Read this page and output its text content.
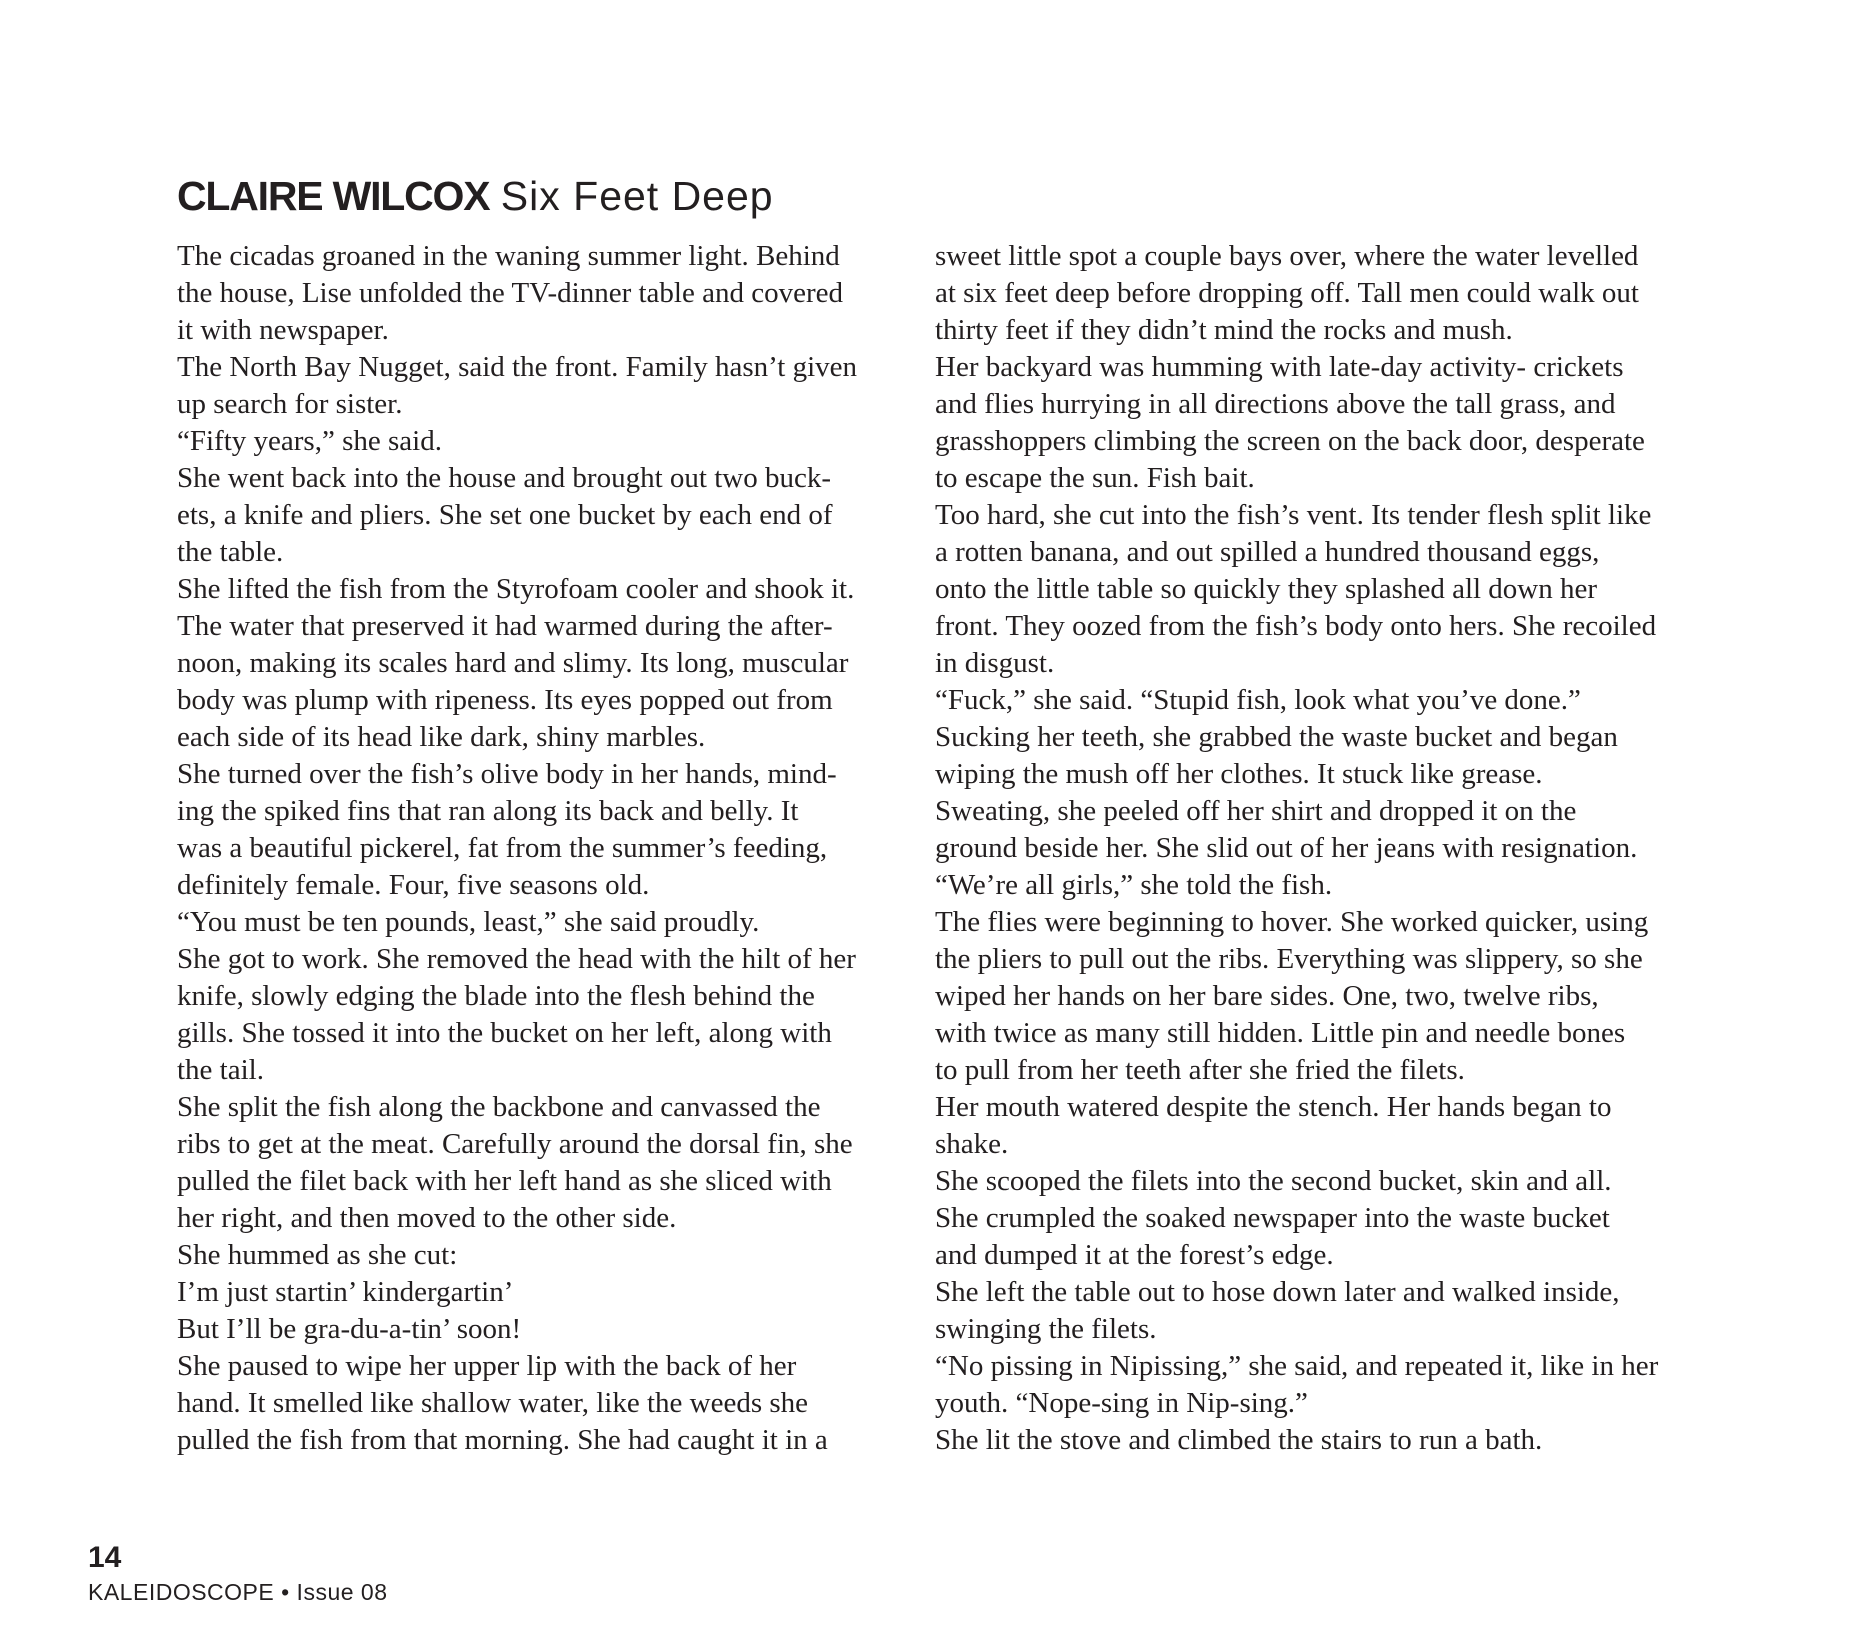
CLAIRE WILCOX Six Feet Deep
The cicadas groaned in the waning summer light. Behind
the house, Lise unfolded the TV-dinner table and covered
it with newspaper.
The North Bay Nugget, said the front. Family hasn’t given
up search for sister.
“Fifty years,” she said.
She went back into the house and brought out two buck-
ets, a knife and pliers. She set one bucket by each end of
the table.
She lifted the fish from the Styrofoam cooler and shook it.
The water that preserved it had warmed during the after-
noon, making its scales hard and slimy. Its long, muscular
body was plump with ripeness. Its eyes popped out from
each side of its head like dark, shiny marbles.
She turned over the fish’s olive body in her hands, mind-
ing the spiked fins that ran along its back and belly. It
was a beautiful pickerel, fat from the summer’s feeding,
definitely female. Four, five seasons old.
“You must be ten pounds, least,” she said proudly.
She got to work. She removed the head with the hilt of her
knife, slowly edging the blade into the flesh behind the
gills. She tossed it into the bucket on her left, along with
the tail.
She split the fish along the backbone and canvassed the
ribs to get at the meat. Carefully around the dorsal fin, she
pulled the filet back with her left hand as she sliced with
her right, and then moved to the other side.
She hummed as she cut:
I’m just startin’ kindergartin’
But I’ll be gra-du-a-tin’ soon!
She paused to wipe her upper lip with the back of her
hand. It smelled like shallow water, like the weeds she
pulled the fish from that morning. She had caught it in a
sweet little spot a couple bays over, where the water levelled
at six feet deep before dropping off. Tall men could walk out
thirty feet if they didn’t mind the rocks and mush.
Her backyard was humming with late-day activity- crickets
and flies hurrying in all directions above the tall grass, and
grasshoppers climbing the screen on the back door, desperate
to escape the sun. Fish bait.
Too hard, she cut into the fish’s vent. Its tender flesh split like
a rotten banana, and out spilled a hundred thousand eggs,
onto the little table so quickly they splashed all down her
front. They oozed from the fish’s body onto hers. She recoiled
in disgust.
“Fuck,” she said. “Stupid fish, look what you’ve done.”
Sucking her teeth, she grabbed the waste bucket and began
wiping the mush off her clothes. It stuck like grease.
Sweating, she peeled off her shirt and dropped it on the
ground beside her. She slid out of her jeans with resignation.
“We’re all girls,” she told the fish.
The flies were beginning to hover. She worked quicker, using
the pliers to pull out the ribs. Everything was slippery, so she
wiped her hands on her bare sides. One, two, twelve ribs,
with twice as many still hidden. Little pin and needle bones
to pull from her teeth after she fried the filets.
Her mouth watered despite the stench. Her hands began to
shake.
She scooped the filets into the second bucket, skin and all.
She crumpled the soaked newspaper into the waste bucket
and dumped it at the forest’s edge.
She left the table out to hose down later and walked inside,
swinging the filets.
“No pissing in Nipissing,” she said, and repeated it, like in her
youth. “Nope-sing in Nip-sing.”
She lit the stove and climbed the stairs to run a bath.
14
KALEIDOSCOPE • Issue 08
